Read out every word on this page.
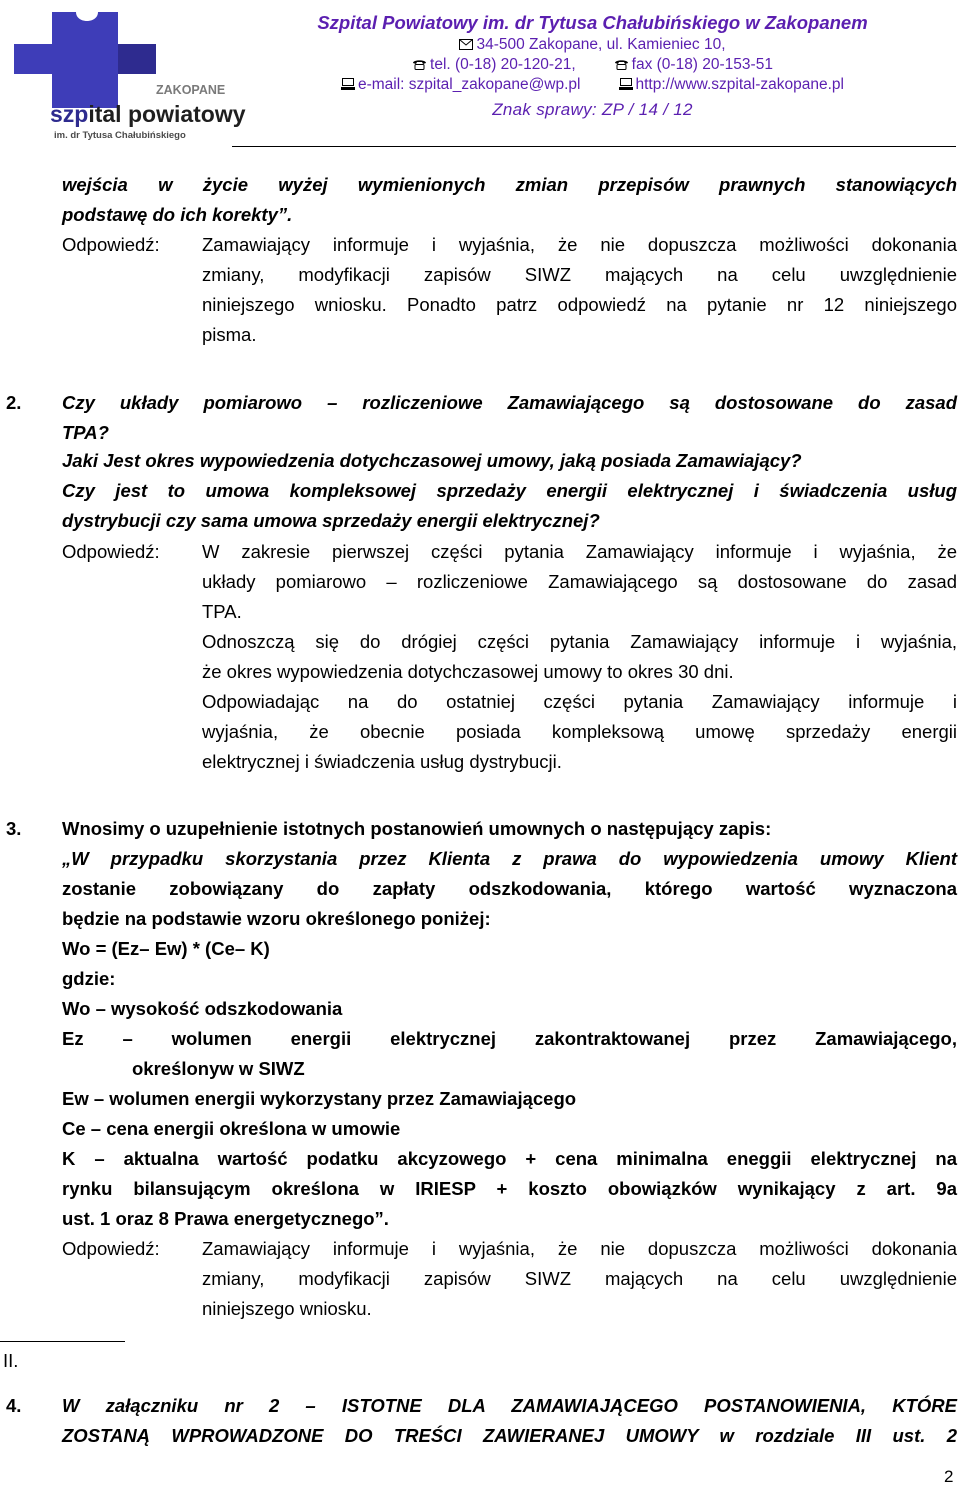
ZAKOPANE
szpital powiatowy
im. dr Tytusa Chałubińskiego
Szpital Powiatowy im. dr Tytusa Chałubińskiego w Zakopanem
34-500 Zakopane, ul. Kamieniec 10,
tel. (0-18) 20-120-21,	fax (0-18) 20-153-51
e-mail: szpital_zakopane@wp.pl	http://www.szpital-zakopane.pl
Znak sprawy: ZP / 14 / 12
wejścia w życie wyżej wymienionych zmian przepisów prawnych stanowiących
podstawę do ich korekty”.
Odpowiedź: Zamawiający informuje i wyjaśnia, że nie dopuszcza możliwości dokonania
zmiany, modyfikacji zapisów SIWZ mających na celu uwzględnienie
niniejszego wniosku. Ponadto patrz odpowiedź na pytanie nr 12 niniejszego
pisma.
2. Czy układy pomiarowo – rozliczeniowe Zamawiającego są dostosowane do zasad
TPA?
Jaki Jest okres wypowiedzenia dotychczasowej umowy, jaką posiada Zamawiający?
Czy jest to umowa kompleksowej sprzedaży energii elektrycznej i świadczenia usług
dystrybucji czy sama umowa sprzedaży energii elektrycznej?
Odpowiedź: W zakresie pierwszej części pytania Zamawiający informuje i wyjaśnia, że
układy pomiarowo – rozliczeniowe Zamawiającego są dostosowane do zasad
TPA.
Odnoszczą się do drógiej części pytania Zamawiający informuje i wyjaśnia,
że okres wypowiedzenia dotychczasowej umowy to okres 30 dni.
Odpowiadając na do ostatniej części pytania Zamawiający informuje i
wyjaśnia, że obecnie posiada kompleksową umowę sprzedaży energii
elektrycznej i świadczenia usług dystrybucji.
3. Wnosimy o uzupełnienie istotnych postanowień umownych o następujący zapis:
„W przypadku skorzystania przez Klienta z prawa do wypowiedzenia umowy Klient
zostanie zobowiązany do zapłaty odszkodowania, którego wartość wyznaczona
będzie na podstawie wzoru określonego poniżej:
Wo = (Ez– Ew) * (Ce– K)
gdzie:
Wo – wysokość odszkodowania
Ez – wolumen energii elektrycznej zakontraktowanej przez Zamawiającego,
określonyw w SIWZ
Ew – wolumen energii wykorzystany przez Zamawiającego
Ce – cena energii określona w umowie
K – aktualna wartość podatku akcyzowego + cena minimalna eneggii elektrycznej na
rynku bilansującym określona w IRIESP + koszto obowiązków wynikający z art. 9a
ust. 1 oraz 8 Prawa energetycznego”.
Odpowiedź: Zamawiający informuje i wyjaśnia, że nie dopuszcza możliwości dokonania
zmiany, modyfikacji zapisów SIWZ mających na celu uwzględnienie
niniejszego wniosku.
II.
4. W załączniku nr 2 – ISTOTNE DLA ZAMAWIAJĄCEGO POSTANOWIENIA, KTÓRE
ZOSTANĄ WPROWADZONE DO TREŚCI ZAWIERANEJ UMOWY w rozdziale III ust. 2
2
